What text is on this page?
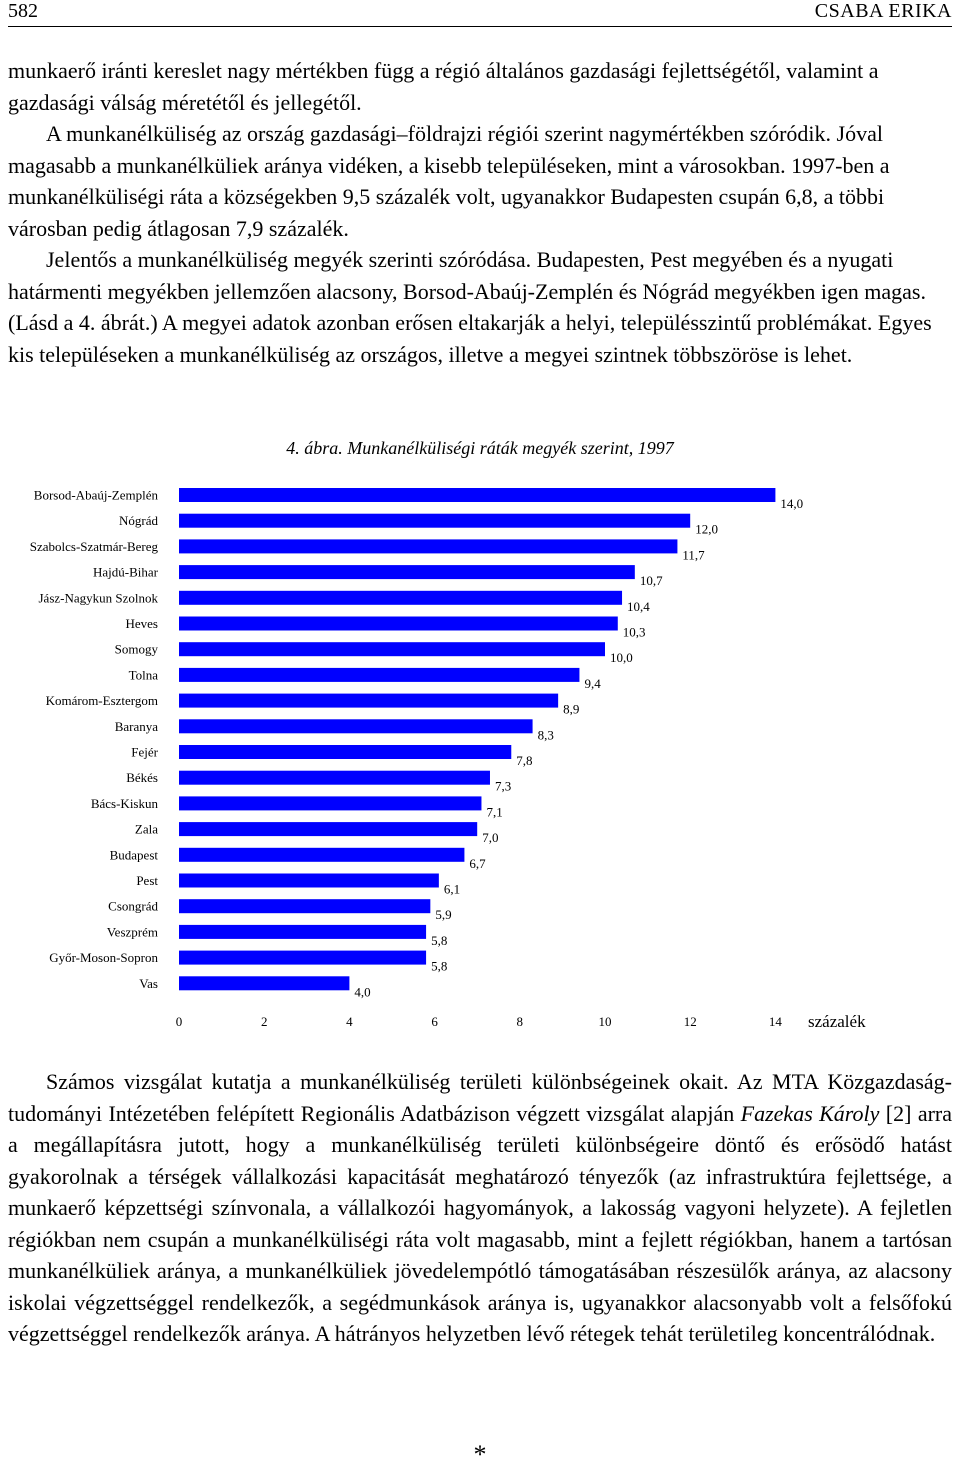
582	CSABA ERIKA

munkaerő iránti kereslet nagy mértékben függ a régió általános gazdasági fejlettségétől, valamint a gazdasági válság méretétől és jellegétől.

A munkanélküliség az ország gazdasági–földrajzi régiói szerint nagymértékben szóródik. Jóval magasabb a munkanélküliek aránya vidéken, a kisebb településeken, mint a városokban. 1997-ben a munkanélküliségi ráta a községekben 9,5 százalék volt, ugyanakkor Budapesten csupán 6,8, a többi városban pedig átlagosan 7,9 százalék.

Jelentős a munkanélküliség megyék szerinti szóródása. Budapesten, Pest megyében és a nyugati határmenti megyékben jellemzően alacsony, Borsod-Abaúj-Zemplén és Nógrád megyékben igen magas. (Lásd a 4. ábrát.) A megyei adatok azonban erősen eltakarják a helyi, településszintű problémákat. Egyes kis településeken a munkanélküliség az országos, illetve a megyei szintnek többszöröse is lehet.

4. ábra. Munkanélküliségi ráták megyék szerint, 1997
Borsod-Abaúj-Zemplén
Nógrád
Szabolcs-Szatmár-Bereg
Hajdú-Bihar
Jász-Nagykun Szolnok
Heves
Somogy
Tolna
Komárom-Esztergom
Baranya
Fejér
Békés
Bács-Kiskun
Zala
Budapest
Pest
Csongrád
Veszprém
Győr-Moson-Sopron
Vas
14,0
12,0
11,7
10,7
10,4
10,3
10,0
9,4
8,9
8,3
7,8
7,3
7,1
7,0
6,7
6,1
5,9
5,8
5,8
4,0
0	2	4	6	8	10	12	14 százalék

Számos vizsgálat kutatja a munkanélküliség területi különbségeinek okait. Az MTA Közgazdaság-tudományi Intézetében felépített Regionális Adatbázison végzett vizsgálat alapján Fazekas Károly [2] arra a megállapításra jutott, hogy a munkanélküliség területi különbségeire döntő és erősödő hatást gyakorolnak a térségek vállalkozási kapacitását meghatározó tényezők (az infrastruktúra fejlettsége, a munkaerő képzettségi színvonala, a vállalkozói hagyományok, a lakosság vagyoni helyzete). A fejletlen régiókban nem csupán a munkanélküliségi ráta volt magasabb, mint a fejlett régiókban, hanem a tartósan munkanélküliek aránya, a munkanélküliek jövedelempótló támogatásában részesülők aránya, az alacsony iskolai végzettséggel rendelkezők, a segédmunkások aránya is, ugyanakkor alacsonyabb volt a felsőfokú végzettséggel rendelkezők aránya. A hátrányos helyzetben lévő rétegek tehát területileg koncentrálódnak.

*
